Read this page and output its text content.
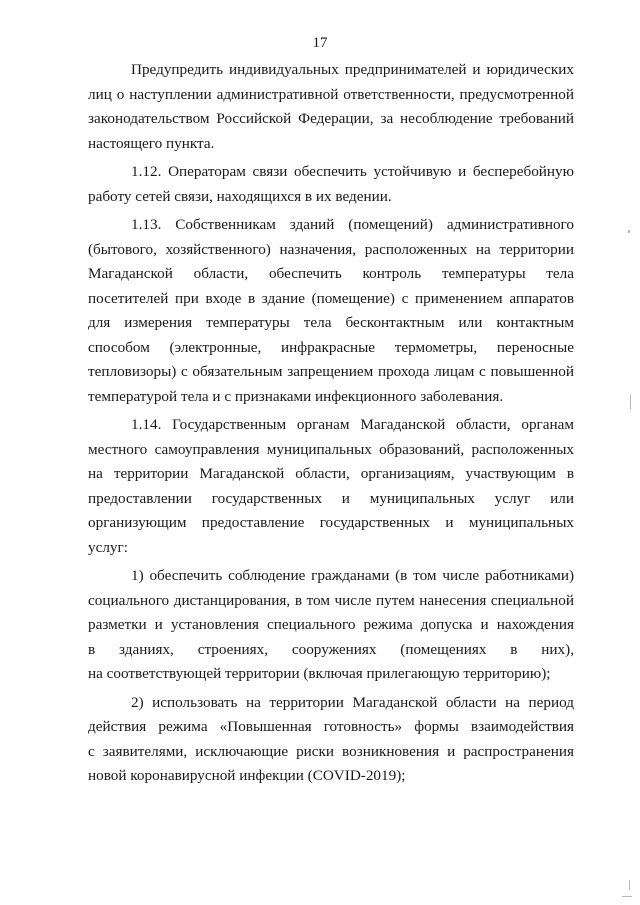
17
Предупредить индивидуальных предпринимателей и юридических
лиц о наступлении административной ответственности, предусмотренной
законодательством Российской Федерации, за несоблюдение требований
настоящего пункта.
1.12. Операторам связи обеспечить устойчивую и бесперебойную
работу сетей связи, находящихся в их ведении.
1.13. Собственникам зданий (помещений) административного
(бытового, хозяйственного) назначения, расположенных на территории
Магаданской области, обеспечить контроль температуры тела
посетителей при входе в здание (помещение) с применением аппаратов
для измерения температуры тела бесконтактным или контактным
способом (электронные, инфракрасные термометры, переносные
тепловизоры) с обязательным запрещением прохода лицам с повышенной
температурой тела и с признаками инфекционного заболевания.
1.14. Государственным органам Магаданской области, органам
местного самоуправления муниципальных образований, расположенных
на территории Магаданской области, организациям, участвующим в
предоставлении государственных и муниципальных услуг или
организующим предоставление государственных и муниципальных
услуг:
1) обеспечить соблюдение гражданами (в том числе работниками)
социального дистанцирования, в том числе путем нанесения специальной
разметки и установления специального режима допуска и нахождения
в зданиях, строениях, сооружениях (помещениях в них),
на соответствующей территории (включая прилегающую территорию);
2) использовать на территории Магаданской области на период
действия режима «Повышенная готовность» формы взаимодействия
с заявителями, исключающие риски возникновения и распространения
новой коронавирусной инфекции (COVID-2019);
